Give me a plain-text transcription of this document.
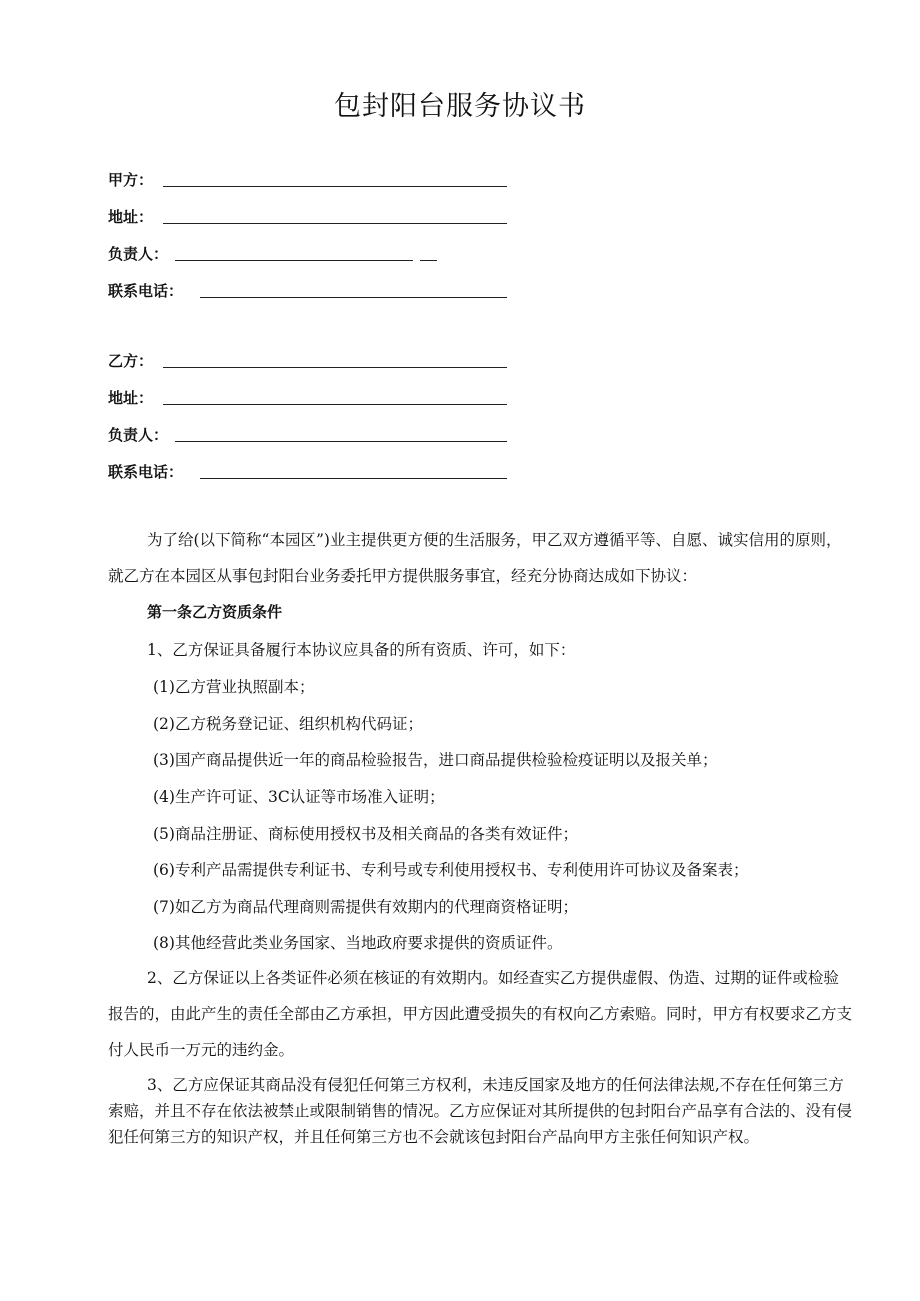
包封阳台服务协议书
甲方：
地址：
负责人：
联系电话：
乙方：
地址：
负责人：
联系电话：
为了给(以下简称“本园区”)业主提供更方便的生活服务，甲乙双方遵循平等、自愿、诚实信用的原则，就乙方在本园区从事包封阳台业务委托甲方提供服务事宜，经充分协商达成如下协议：
第一条乙方资质条件
1、乙方保证具备履行本协议应具备的所有资质、许可，如下：
(1)乙方营业执照副本；
(2)乙方税务登记证、组织机构代码证；
(3)国产商品提供近一年的商品检验报告，进口商品提供检验检疫证明以及报关单；
(4)生产许可证、3C认证等市场准入证明；
(5)商品注册证、商标使用授权书及相关商品的各类有效证件；
(6)专利产品需提供专利证书、专利号或专利使用授权书、专利使用许可协议及备案表；
(7)如乙方为商品代理商则需提供有效期内的代理商资格证明；
(8)其他经营此类业务国家、当地政府要求提供的资质证件。
2、乙方保证以上各类证件必须在核证的有效期内。如经查实乙方提供虚假、伪造、过期的证件或检验报告的，由此产生的责任全部由乙方承担，甲方因此遭受损失的有权向乙方索赔。同时，甲方有权要求乙方支付人民币一万元的违约金。
3、乙方应保证其商品没有侵犯任何第三方权利，未违反国家及地方的任何法律法规,不存在任何第三方索赔，并且不存在依法被禁止或限制销售的情况。乙方应保证对其所提供的包封阳台产品享有合法的、没有侵犯任何第三方的知识产权，并且任何第三方也不会就该包封阳台产品向甲方主张任何知识产权。
